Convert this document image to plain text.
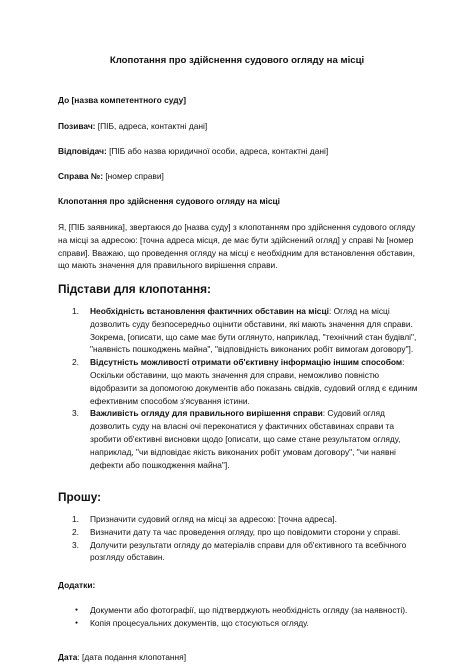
Клопотання про здійснення судового огляду на місці
До [назва компетентного суду]
Позивач: [ПІБ, адреса, контактні дані]
Відповідач: [ПІБ або назва юридичної особи, адреса, контактні дані]
Справа №: [номер справи]
Клопотання про здійснення судового огляду на місці
Я, [ПІБ заявника], звертаюся до [назва суду] з клопотанням про здійснення судового огляду на місці за адресою: [точна адреса місця, де має бути здійснений огляд] у справі № [номер справи]. Вважаю, що проведення огляду на місці є необхідним для встановлення обставин, що мають значення для правильного вирішення справи.
Підстави для клопотання:
1. Необхідність встановлення фактичних обставин на місці: Огляд на місці дозволить суду безпосередньо оцінити обставини, які мають значення для справи. Зокрема, [описати, що саме має бути оглянуто, наприклад, "технічний стан будівлі", "наявність пошкоджень майна", "відповідність виконаних робіт вимогам договору"].
2. Відсутність можливості отримати об'єктивну інформацію іншим способом: Оскільки обставини, що мають значення для справи, неможливо повністю відобразити за допомогою документів або показань свідків, судовий огляд є єдиним ефективним способом з'ясування істини.
3. Важливість огляду для правильного вирішення справи: Судовий огляд дозволить суду на власні очі переконатися у фактичних обставинах справи та зробити об'єктивні висновки щодо [описати, що саме стане результатом огляду, наприклад, "чи відповідає якість виконаних робіт умовам договору", "чи наявні дефекти або пошкодження майна"].
Прошу:
1. Призначити судовий огляд на місці за адресою: [точна адреса].
2. Визначити дату та час проведення огляду, про що повідомити сторони у справі.
3. Долучити результати огляду до матеріалів справи для об'єктивного та всебічного розгляду обставин.
Додатки:
● Документи або фотографії, що підтверджують необхідність огляду (за наявності).
● Копія процесуальних документів, що стосуються огляду.
Дата: [дата подання клопотання]
